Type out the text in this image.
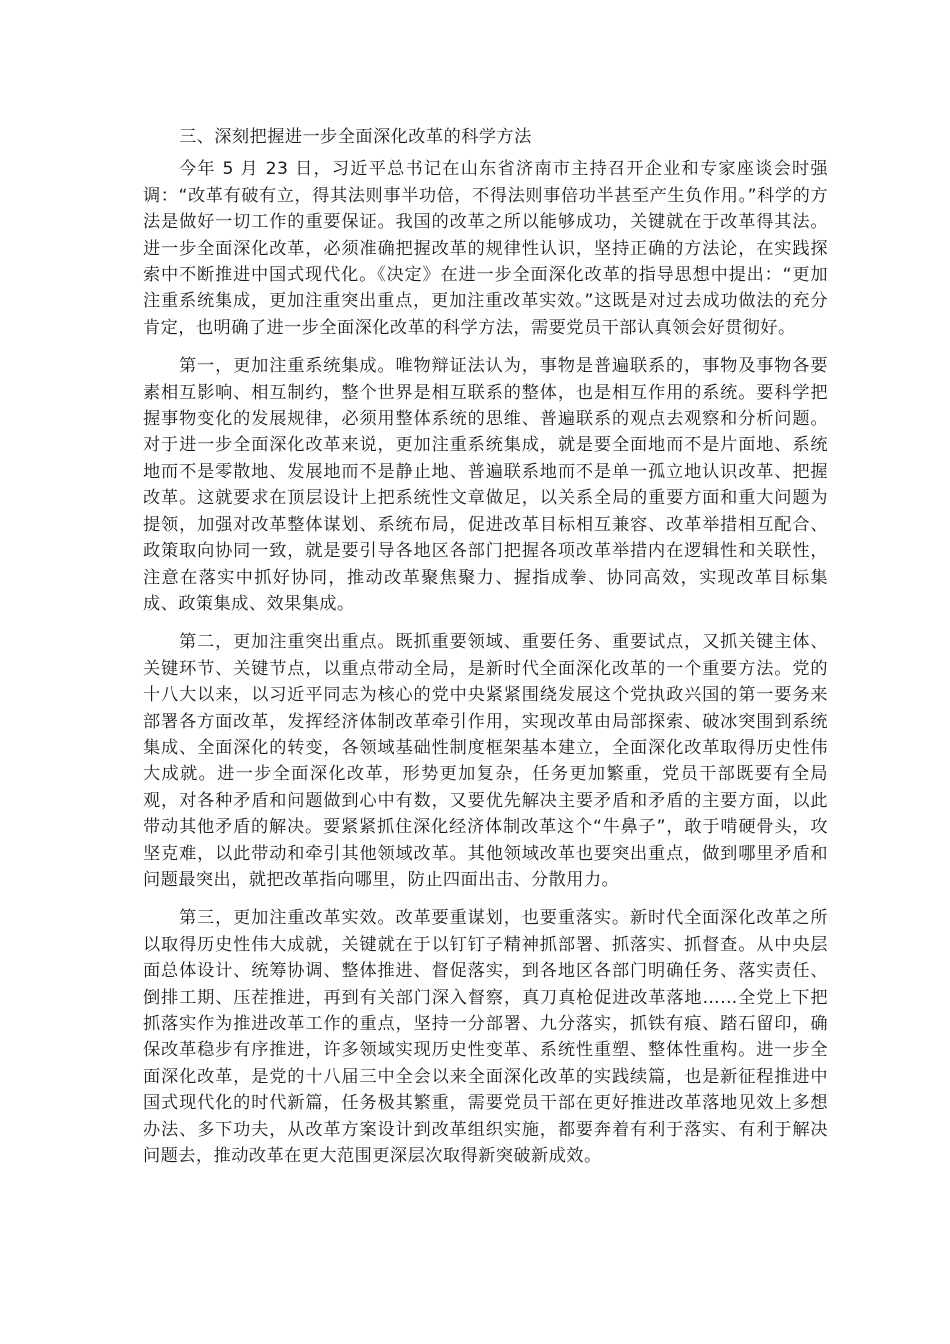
三、深刻把握进一步全面深化改革的科学方法

今年 5 月 23 日，习近平总书记在山东省济南市主持召开企业和专家座谈会时强调：“改革有破有立，得其法则事半功倍，不得法则事倍功半甚至产生负作用。”科学的方法是做好一切工作的重要保证。我国的改革之所以能够成功，关键就在于改革得其法。进一步全面深化改革，必须准确把握改革的规律性认识，坚持正确的方法论，在实践探索中不断推进中国式现代化。《决定》在进一步全面深化改革的指导思想中提出：“更加注重系统集成，更加注重突出重点，更加注重改革实效。”这既是对过去成功做法的充分肯定，也明确了进一步全面深化改革的科学方法，需要党员干部认真领会好贯彻好。

第一，更加注重系统集成。唯物辩证法认为，事物是普遍联系的，事物及事物各要素相互影响、相互制约，整个世界是相互联系的整体，也是相互作用的系统。要科学把握事物变化的发展规律，必须用整体系统的思维、普遍联系的观点去观察和分析问题。对于进一步全面深化改革来说，更加注重系统集成，就是要全面地而不是片面地、系统地而不是零散地、发展地而不是静止地、普遍联系地而不是单一孤立地认识改革、把握改革。这就要求在顶层设计上把系统性文章做足，以关系全局的重要方面和重大问题为提领，加强对改革整体谋划、系统布局，促进改革目标相互兼容、改革举措相互配合、政策取向协同一致，就是要引导各地区各部门把握各项改革举措内在逻辑性和关联性，注意在落实中抓好协同，推动改革聚焦聚力、握指成拳、协同高效，实现改革目标集成、政策集成、效果集成。

第二，更加注重突出重点。既抓重要领域、重要任务、重要试点，又抓关键主体、关键环节、关键节点，以重点带动全局，是新时代全面深化改革的一个重要方法。党的十八大以来，以习近平同志为核心的党中央紧紧围绕发展这个党执政兴国的第一要务来部署各方面改革，发挥经济体制改革牵引作用，实现改革由局部探索、破冰突围到系统集成、全面深化的转变，各领域基础性制度框架基本建立，全面深化改革取得历史性伟大成就。进一步全面深化改革，形势更加复杂，任务更加繁重，党员干部既要有全局观，对各种矛盾和问题做到心中有数，又要优先解决主要矛盾和矛盾的主要方面，以此带动其他矛盾的解决。要紧紧抓住深化经济体制改革这个“牛鼻子”，敢于啃硬骨头，攻坚克难，以此带动和牵引其他领域改革。其他领域改革也要突出重点，做到哪里矛盾和问题最突出，就把改革指向哪里，防止四面出击、分散用力。

第三，更加注重改革实效。改革要重谋划，也要重落实。新时代全面深化改革之所以取得历史性伟大成就，关键就在于以钉钉子精神抓部署、抓落实、抓督查。从中央层面总体设计、统筹协调、整体推进、督促落实，到各地区各部门明确任务、落实责任、倒排工期、压茬推进，再到有关部门深入督察，真刀真枪促进改革落地……全党上下把抓落实作为推进改革工作的重点，坚持一分部署、九分落实，抓铁有痕、踏石留印，确保改革稳步有序推进，许多领域实现历史性变革、系统性重塑、整体性重构。进一步全面深化改革，是党的十八届三中全会以来全面深化改革的实践续篇，也是新征程推进中国式现代化的时代新篇，任务极其繁重，需要党员干部在更好推进改革落地见效上多想办法、多下功夫，从改革方案设计到改革组织实施，都要奔着有利于落实、有利于解决问题去，推动改革在更大范围更深层次取得新突破新成效。
